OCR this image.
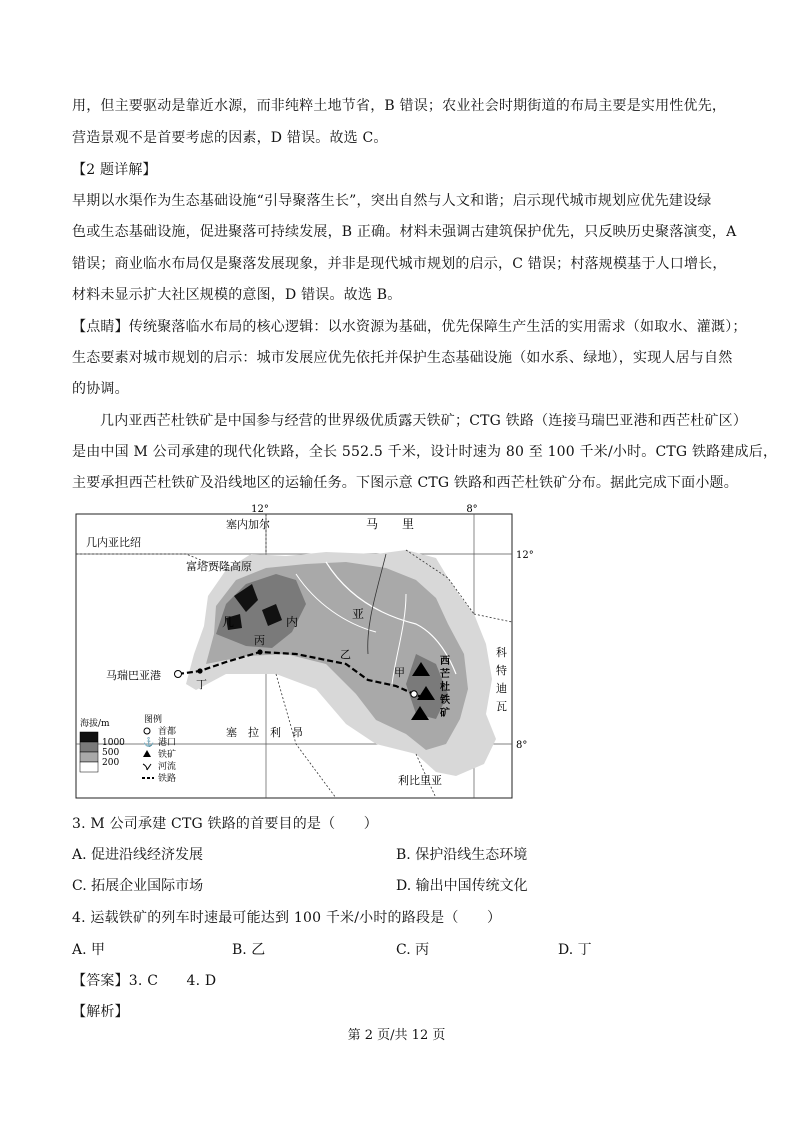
用，但主要驱动是靠近水源，而非纯粹土地节省，B 错误；农业社会时期街道的布局主要是实用性优先，
营造景观不是首要考虑的因素，D 错误。故选 C。
【2 题详解】
早期以水渠作为生态基础设施“引导聚落生长”，突出自然与人文和谐；启示现代城市规划应优先建设绿
色或生态基础设施，促进聚落可持续发展，B 正确。材料未强调古建筑保护优先，只反映历史聚落演变，A
错误；商业临水布局仅是聚落发展现象，并非是现代城市规划的启示，C 错误；村落规模基于人口增长，
材料未显示扩大社区规模的意图，D 错误。故选 B。
【点睛】传统聚落临水布局的核心逻辑：以水资源为基础，优先保障生产生活的实用需求（如取水、灌溉）；
生态要素对城市规划的启示：城市发展应优先依托并保护生态基础设施（如水系、绿地），实现人居与自然
的协调。
几内亚西芒杜铁矿是中国参与经营的世界级优质露天铁矿；CTG 铁路（连接马瑞巴亚港和西芒杜矿区）
是由中国 M 公司承建的现代化铁路，全长 552.5 千米，设计时速为 80 至 100 千米/小时。CTG 铁路建成后，
主要承担西芒杜铁矿及沿线地区的运输任务。下图示意 CTG 铁路和西芒杜铁矿分布。据此完成下面小题。
12°	8°
12°
8°
塞内加尔	马　　里
几内亚比绍
富塔贾隆高原
几	内
亚
科
特
迪
瓦
塞　拉　利　昂
利比里亚
马瑞巴亚港
西
芒
杜
铁
矿
甲
乙
丙
丁
海拔/m
1000
500
200
图例
首都
⚓ 港口
铁矿
河流
铁路
3. M 公司承建 CTG 铁路的首要目的是（　　）
A. 促进沿线经济发展	B. 保护沿线生态环境
C. 拓展企业国际市场	D. 输出中国传统文化
4. 运载铁矿的列车时速最可能达到 100 千米/小时的路段是（　　）
A. 甲	B. 乙	C. 丙	D. 丁
【答案】3. C　　4. D
【解析】
第 2 页/共 12 页
